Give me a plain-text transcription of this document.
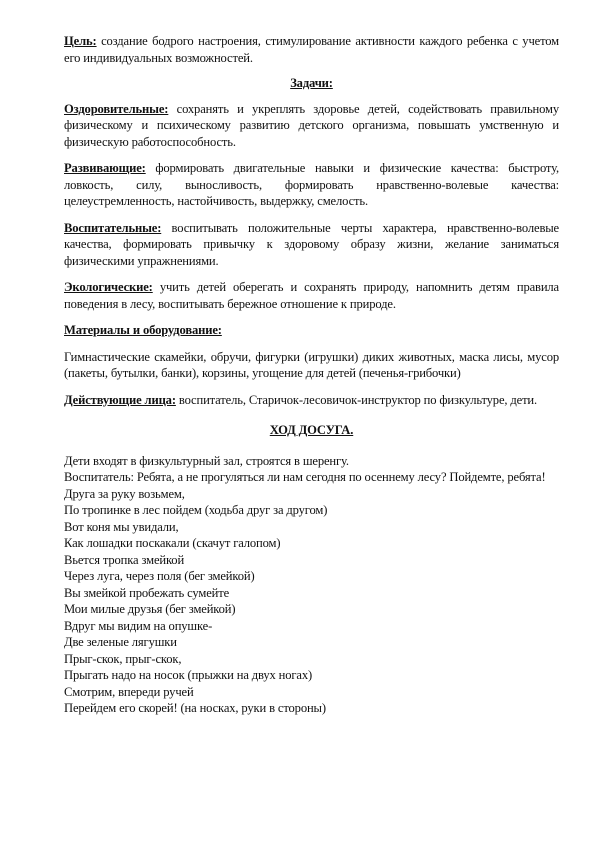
Цель: создание бодрого настроения, стимулирование активности каждого ребенка с учетом его индивидуальных возможностей.

Задачи:

Оздоровительные: сохранять и укреплять здоровье детей, содействовать правильному физическому и психическому развитию детского организма, повышать умственную и физическую работоспособность.

Развивающие: формировать двигательные навыки и физические качества: быстроту, ловкость, силу, выносливость, формировать нравственно-волевые качества: целеустремленность, настойчивость, выдержку, смелость.

Воспитательные: воспитывать положительные черты характера, нравственно-волевые качества, формировать привычку к здоровому образу жизни, желание заниматься физическими упражнениями.

Экологические: учить детей оберегать и сохранять природу, напомнить детям правила поведения в лесу, воспитывать бережное отношение к природе.

Материалы и оборудование:

Гимнастические скамейки, обручи, фигурки (игрушки) диких животных, маска лисы, мусор (пакеты, бутылки, банки), корзины, угощение для детей (печенья-грибочки)

Действующие лица: воспитатель, Старичок-лесовичок-инструктор по физкультуре, дети.

ХОД ДОСУГА.

Дети входят в физкультурный зал, строятся в шеренгу.

Воспитатель: Ребята, а не прогуляться ли нам сегодня по осеннему лесу? Пойдемте, ребята!

Друга за руку возьмем,

По тропинке в лес пойдем (ходьба друг за другом)

Вот коня мы увидали,

Как лошадки поскакали (скачут галопом)

Вьется тропка змейкой

Через луга, через поля (бег змейкой)

Вы змейкой пробежать сумейте

Мои милые друзья (бег змейкой)

Вдруг мы видим на опушке-

Две зеленые лягушки

Прыг-скок, прыг-скок,

Прыгать надо на носок (прыжки на двух ногах)

Смотрим, впереди ручей

Перейдем его скорей! (на носках, руки в стороны)
